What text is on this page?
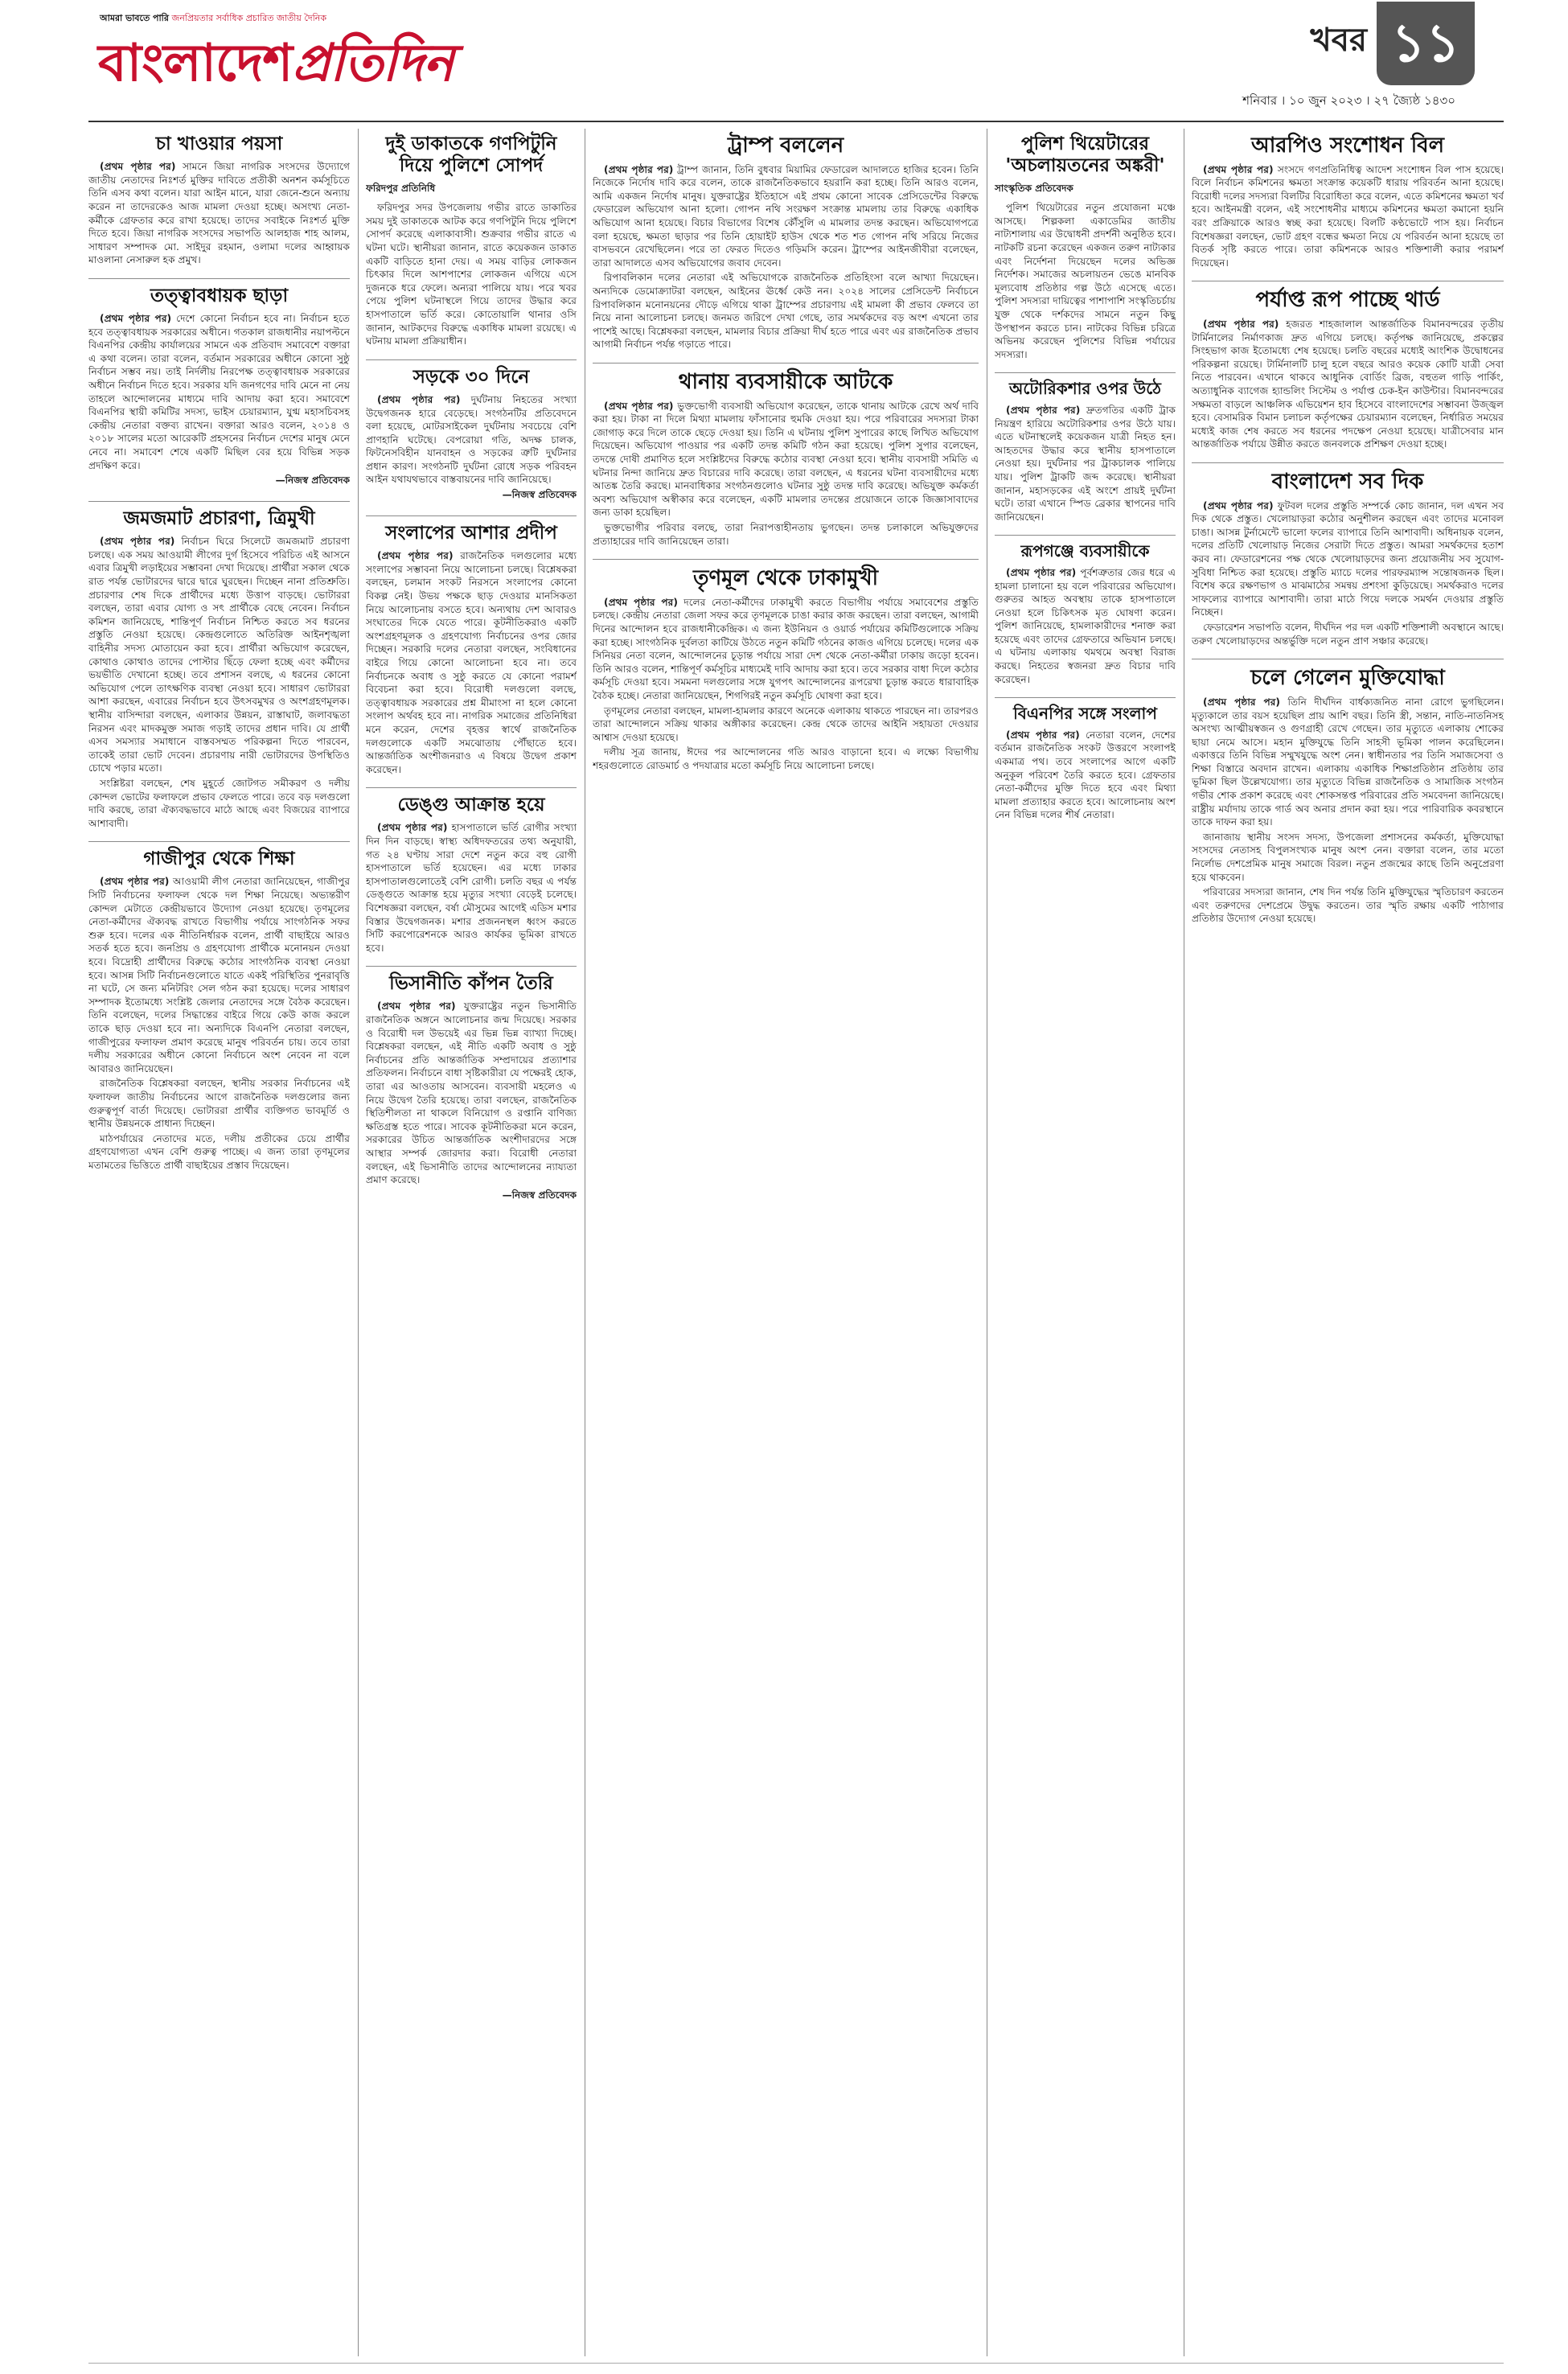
আমরা ভাবতে পারি জনপ্রিয়তার সর্বাধিক প্রচারিত জাতীয় দৈনিক
বাংলাদেশপ্রতিদিন	খবর ১১
শনিবার । ১০ জুন ২০২৩ । ২৭ জ্যৈষ্ঠ ১৪৩০
চা খাওয়ার পয়সা

(প্রথম পৃষ্ঠার পর) সামনে জিয়া নাগরিক সংসদের উদ্যোগে জাতীয় নেতাদের নিঃশর্ত মুক্তির দাবিতে প্রতীকী অনশন কর্মসূচিতে তিনি এসব কথা বলেন। যারা আইন মানে, যারা জেনে-শুনে অন্যায় করেন না তাদেরকেও আজ মামলা দেওয়া হচ্ছে। অসংখ্য নেতা-কর্মীকে গ্রেফতার করে রাখা হয়েছে। তাদের সবাইকে নিঃশর্ত মুক্তি দিতে হবে। জিয়া নাগরিক সংসদের সভাপতি আলহাজ শাহ আলম, সাধারণ সম্পাদক মো. সাইদুর রহমান, ওলামা দলের আহ্বায়ক মাওলানা নেসারুল হক প্রমুখ।

তত্ত্বাবধায়ক ছাড়া

(প্রথম পৃষ্ঠার পর) দেশে কোনো নির্বাচন হবে না। নির্বাচন হতে হবে তত্ত্বাবধায়ক সরকারের অধীনে। গতকাল রাজধানীর নয়াপল্টনে বিএনপির কেন্দ্রীয় কার্যালয়ের সামনে এক প্রতিবাদ সমাবেশে বক্তারা এ কথা বলেন। তারা বলেন, বর্তমান সরকারের অধীনে কোনো সুষ্ঠু নির্বাচন সম্ভব নয়। তাই নির্দলীয় নিরপেক্ষ তত্ত্বাবধায়ক সরকারের অধীনে নির্বাচন দিতে হবে। সরকার যদি জনগণের দাবি মেনে না নেয় তাহলে আন্দোলনের মাধ্যমে দাবি আদায় করা হবে। সমাবেশে বিএনপির স্থায়ী কমিটির সদস্য, ভাইস চেয়ারম্যান, যুগ্ম মহাসচিবসহ কেন্দ্রীয় নেতারা বক্তব্য রাখেন। বক্তারা আরও বলেন, ২০১৪ ও ২০১৮ সালের মতো আরেকটি প্রহসনের নির্বাচন দেশের মানুষ মেনে নেবে না। সমাবেশ শেষে একটি মিছিল বের হয়ে বিভিন্ন সড়ক প্রদক্ষিণ করে।

—নিজস্ব প্রতিবেদক
জমজমাট প্রচারণা, ত্রিমুখী

(প্রথম পৃষ্ঠার পর) নির্বাচন ঘিরে সিলেটে জমজমাট প্রচারণা চলছে। এক সময় আওয়ামী লীগের দুর্গ হিসেবে পরিচিত এই আসনে এবার ত্রিমুখী লড়াইয়ের সম্ভাবনা দেখা দিয়েছে। প্রার্থীরা সকাল থেকে রাত পর্যন্ত ভোটারদের দ্বারে দ্বারে ঘুরছেন। দিচ্ছেন নানা প্রতিশ্রুতি। প্রচারণার শেষ দিকে প্রার্থীদের মধ্যে উত্তাপ বাড়ছে। ভোটাররা বলছেন, তারা এবার যোগ্য ও সৎ প্রার্থীকে বেছে নেবেন। নির্বাচন কমিশন জানিয়েছে, শান্তিপূর্ণ নির্বাচন নিশ্চিত করতে সব ধরনের প্রস্তুতি নেওয়া হয়েছে। কেন্দ্রগুলোতে অতিরিক্ত আইনশৃঙ্খলা বাহিনীর সদস্য মোতায়েন করা হবে। প্রার্থীরা অভিযোগ করেছেন, কোথাও কোথাও তাদের পোস্টার ছিঁড়ে ফেলা হচ্ছে এবং কর্মীদের ভয়ভীতি দেখানো হচ্ছে। তবে প্রশাসন বলছে, এ ধরনের কোনো অভিযোগ পেলে তাৎক্ষণিক ব্যবস্থা নেওয়া হবে। সাধারণ ভোটাররা আশা করছেন, এবারের নির্বাচন হবে উৎসবমুখর ও অংশগ্রহণমূলক। স্থানীয় বাসিন্দারা বলছেন, এলাকার উন্নয়ন, রাস্তাঘাট, জলাবদ্ধতা নিরসন এবং মাদকমুক্ত সমাজ গড়াই তাদের প্রধান দাবি। যে প্রার্থী এসব সমস্যার সমাধানে বাস্তবসম্মত পরিকল্পনা দিতে পারবেন, তাকেই তারা ভোট দেবেন। প্রচারণায় নারী ভোটারদের উপস্থিতিও চোখে পড়ার মতো।

সংশ্লিষ্টরা বলছেন, শেষ মুহূর্তে জোটগত সমীকরণ ও দলীয় কোন্দল ভোটের ফলাফলে প্রভাব ফেলতে পারে। তবে বড় দলগুলো দাবি করছে, তারা ঐক্যবদ্ধভাবে মাঠে আছে এবং বিজয়ের ব্যাপারে আশাবাদী।

গাজীপুর থেকে শিক্ষা

(প্রথম পৃষ্ঠার পর) আওয়ামী লীগ নেতারা জানিয়েছেন, গাজীপুর সিটি নির্বাচনের ফলাফল থেকে দল শিক্ষা নিয়েছে। অভ্যন্তরীণ কোন্দল মেটাতে কেন্দ্রীয়ভাবে উদ্যোগ নেওয়া হয়েছে। তৃণমূলের নেতা-কর্মীদের ঐক্যবদ্ধ রাখতে বিভাগীয় পর্যায়ে সাংগঠনিক সফর শুরু হবে। দলের এক নীতিনির্ধারক বলেন, প্রার্থী বাছাইয়ে আরও সতর্ক হতে হবে। জনপ্রিয় ও গ্রহণযোগ্য প্রার্থীকে মনোনয়ন দেওয়া হবে। বিদ্রোহী প্রার্থীদের বিরুদ্ধে কঠোর সাংগঠনিক ব্যবস্থা নেওয়া হবে। আসন্ন সিটি নির্বাচনগুলোতে যাতে একই পরিস্থিতির পুনরাবৃত্তি না ঘটে, সে জন্য মনিটরিং সেল গঠন করা হয়েছে। দলের সাধারণ সম্পাদক ইতোমধ্যে সংশ্লিষ্ট জেলার নেতাদের সঙ্গে বৈঠক করেছেন। তিনি বলেছেন, দলের সিদ্ধান্তের বাইরে গিয়ে কেউ কাজ করলে তাকে ছাড় দেওয়া হবে না। অন্যদিকে বিএনপি নেতারা বলছেন, গাজীপুরের ফলাফল প্রমাণ করেছে মানুষ পরিবর্তন চায়। তবে তারা দলীয় সরকারের অধীনে কোনো নির্বাচনে অংশ নেবেন না বলে আবারও জানিয়েছেন।

রাজনৈতিক বিশ্লেষকরা বলছেন, স্থানীয় সরকার নির্বাচনের এই ফলাফল জাতীয় নির্বাচনের আগে রাজনৈতিক দলগুলোর জন্য গুরুত্বপূর্ণ বার্তা দিয়েছে। ভোটাররা প্রার্থীর ব্যক্তিগত ভাবমূর্তি ও স্থানীয় উন্নয়নকে প্রাধান্য দিচ্ছেন।

মাঠপর্যায়ের নেতাদের মতে, দলীয় প্রতীকের চেয়ে প্রার্থীর গ্রহণযোগ্যতা এখন বেশি গুরুত্ব পাচ্ছে। এ জন্য তারা তৃণমূলের মতামতের ভিত্তিতে প্রার্থী বাছাইয়ের প্রস্তাব দিয়েছেন।

দুই ডাকাতকে গণপিটুনি দিয়ে পুলিশে সোপর্দ
ফরিদপুর প্রতিনিধি

ফরিদপুর সদর উপজেলায় গভীর রাতে ডাকাতির সময় দুই ডাকাতকে আটক করে গণপিটুনি দিয়ে পুলিশে সোপর্দ করেছে এলাকাবাসী। শুক্রবার গভীর রাতে এ ঘটনা ঘটে। স্থানীয়রা জানান, রাতে কয়েকজন ডাকাত একটি বাড়িতে হানা দেয়। এ সময় বাড়ির লোকজন চিৎকার দিলে আশপাশের লোকজন এগিয়ে এসে দুজনকে ধরে ফেলে। অন্যরা পালিয়ে যায়। পরে খবর পেয়ে পুলিশ ঘটনাস্থলে গিয়ে তাদের উদ্ধার করে হাসপাতালে ভর্তি করে। কোতোয়ালি থানার ওসি জানান, আটকদের বিরুদ্ধে একাধিক মামলা রয়েছে। এ ঘটনায় মামলা প্রক্রিয়াধীন।

সড়কে ৩০ দিনে

(প্রথম পৃষ্ঠার পর) দুর্ঘটনায় নিহতের সংখ্যা উদ্বেগজনক হারে বেড়েছে। সংগঠনটির প্রতিবেদনে বলা হয়েছে, মোটরসাইকেল দুর্ঘটনায় সবচেয়ে বেশি প্রাণহানি ঘটেছে। বেপরোয়া গতি, অদক্ষ চালক, ফিটনেসবিহীন যানবাহন ও সড়কের ত্রুটি দুর্ঘটনার প্রধান কারণ। সংগঠনটি দুর্ঘটনা রোধে সড়ক পরিবহন আইন যথাযথভাবে বাস্তবায়নের দাবি জানিয়েছে।

—নিজস্ব প্রতিবেদক
সংলাপের আশার প্রদীপ

(প্রথম পৃষ্ঠার পর) রাজনৈতিক দলগুলোর মধ্যে সংলাপের সম্ভাবনা নিয়ে আলোচনা চলছে। বিশ্লেষকরা বলছেন, চলমান সংকট নিরসনে সংলাপের কোনো বিকল্প নেই। উভয় পক্ষকে ছাড় দেওয়ার মানসিকতা নিয়ে আলোচনায় বসতে হবে। অন্যথায় দেশ আবারও সংঘাতের দিকে যেতে পারে। কূটনীতিকরাও একটি অংশগ্রহণমূলক ও গ্রহণযোগ্য নির্বাচনের ওপর জোর দিচ্ছেন। সরকারি দলের নেতারা বলছেন, সংবিধানের বাইরে গিয়ে কোনো আলোচনা হবে না। তবে নির্বাচনকে অবাধ ও সুষ্ঠু করতে যে কোনো পরামর্শ বিবেচনা করা হবে। বিরোধী দলগুলো বলছে, তত্ত্বাবধায়ক সরকারের প্রশ্ন মীমাংসা না হলে কোনো সংলাপ অর্থবহ হবে না। নাগরিক সমাজের প্রতিনিধিরা মনে করেন, দেশের বৃহত্তর স্বার্থে রাজনৈতিক দলগুলোকে একটি সমঝোতায় পৌঁছাতে হবে। আন্তর্জাতিক অংশীজনরাও এ বিষয়ে উদ্বেগ প্রকাশ করেছেন।

ডেঙ্গু আক্রান্ত হয়ে

(প্রথম পৃষ্ঠার পর) হাসপাতালে ভর্তি রোগীর সংখ্যা দিন দিন বাড়ছে। স্বাস্থ্য অধিদফতরের তথ্য অনুযায়ী, গত ২৪ ঘণ্টায় সারা দেশে নতুন করে বহু রোগী হাসপাতালে ভর্তি হয়েছেন। এর মধ্যে ঢাকার হাসপাতালগুলোতেই বেশি রোগী। চলতি বছর এ পর্যন্ত ডেঙ্গুতে আক্রান্ত হয়ে মৃত্যুর সংখ্যা বেড়েই চলেছে। বিশেষজ্ঞরা বলছেন, বর্ষা মৌসুমের আগেই এডিস মশার বিস্তার উদ্বেগজনক। মশার প্রজননস্থল ধ্বংস করতে সিটি করপোরেশনকে আরও কার্যকর ভূমিকা রাখতে হবে।

ভিসানীতি কাঁপন তৈরি

(প্রথম পৃষ্ঠার পর) যুক্তরাষ্ট্রের নতুন ভিসানীতি রাজনৈতিক অঙ্গনে আলোচনার জন্ম দিয়েছে। সরকার ও বিরোধী দল উভয়েই এর ভিন্ন ভিন্ন ব্যাখ্যা দিচ্ছে। বিশ্লেষকরা বলছেন, এই নীতি একটি অবাধ ও সুষ্ঠু নির্বাচনের প্রতি আন্তর্জাতিক সম্প্রদায়ের প্রত্যাশার প্রতিফলন। নির্বাচনে বাধা সৃষ্টিকারীরা যে পক্ষেরই হোক, তারা এর আওতায় আসবেন। ব্যবসায়ী মহলেও এ নিয়ে উদ্বেগ তৈরি হয়েছে। তারা বলছেন, রাজনৈতিক স্থিতিশীলতা না থাকলে বিনিয়োগ ও রপ্তানি বাণিজ্য ক্ষতিগ্রস্ত হতে পারে। সাবেক কূটনীতিকরা মনে করেন, সরকারের উচিত আন্তর্জাতিক অংশীদারদের সঙ্গে আস্থার সম্পর্ক জোরদার করা। বিরোধী নেতারা বলছেন, এই ভিসানীতি তাদের আন্দোলনের ন্যায্যতা প্রমাণ করেছে।

—নিজস্ব প্রতিবেদক
ট্রাম্প বললেন

(প্রথম পৃষ্ঠার পর) ট্রাম্প জানান, তিনি বুধবার মিয়ামির ফেডারেল আদালতে হাজির হবেন। তিনি নিজেকে নির্দোষ দাবি করে বলেন, তাকে রাজনৈতিকভাবে হয়রানি করা হচ্ছে। তিনি আরও বলেন, আমি একজন নির্দোষ মানুষ। যুক্তরাষ্ট্রের ইতিহাসে এই প্রথম কোনো সাবেক প্রেসিডেন্টের বিরুদ্ধে ফেডারেল অভিযোগ আনা হলো। গোপন নথি সংরক্ষণ সংক্রান্ত মামলায় তার বিরুদ্ধে একাধিক অভিযোগ আনা হয়েছে। বিচার বিভাগের বিশেষ কৌঁসুলি এ মামলার তদন্ত করছেন। অভিযোগপত্রে বলা হয়েছে, ক্ষমতা ছাড়ার পর তিনি হোয়াইট হাউস থেকে শত শত গোপন নথি সরিয়ে নিজের বাসভবনে রেখেছিলেন। পরে তা ফেরত দিতেও গড়িমসি করেন। ট্রাম্পের আইনজীবীরা বলেছেন, তারা আদালতে এসব অভিযোগের জবাব দেবেন।

রিপাবলিকান দলের নেতারা এই অভিযোগকে রাজনৈতিক প্রতিহিংসা বলে আখ্যা দিয়েছেন। অন্যদিকে ডেমোক্র্যাটরা বলছেন, আইনের ঊর্ধ্বে কেউ নন। ২০২৪ সালের প্রেসিডেন্ট নির্বাচনে রিপাবলিকান মনোনয়নের দৌড়ে এগিয়ে থাকা ট্রাম্পের প্রচারণায় এই মামলা কী প্রভাব ফেলবে তা নিয়ে নানা আলোচনা চলছে। জনমত জরিপে দেখা গেছে, তার সমর্থকদের বড় অংশ এখনো তার পাশেই আছে। বিশ্লেষকরা বলছেন, মামলার বিচার প্রক্রিয়া দীর্ঘ হতে পারে এবং এর রাজনৈতিক প্রভাব আগামী নির্বাচন পর্যন্ত গড়াতে পারে।

থানায় ব্যবসায়ীকে আটকে

(প্রথম পৃষ্ঠার পর) ভুক্তভোগী ব্যবসায়ী অভিযোগ করেছেন, তাকে থানায় আটকে রেখে অর্থ দাবি করা হয়। টাকা না দিলে মিথ্যা মামলায় ফাঁসানোর হুমকি দেওয়া হয়। পরে পরিবারের সদস্যরা টাকা জোগাড় করে দিলে তাকে ছেড়ে দেওয়া হয়। তিনি এ ঘটনায় পুলিশ সুপারের কাছে লিখিত অভিযোগ দিয়েছেন। অভিযোগ পাওয়ার পর একটি তদন্ত কমিটি গঠন করা হয়েছে। পুলিশ সুপার বলেছেন, তদন্তে দোষী প্রমাণিত হলে সংশ্লিষ্টদের বিরুদ্ধে কঠোর ব্যবস্থা নেওয়া হবে। স্থানীয় ব্যবসায়ী সমিতি এ ঘটনার নিন্দা জানিয়ে দ্রুত বিচারের দাবি করেছে। তারা বলছেন, এ ধরনের ঘটনা ব্যবসায়ীদের মধ্যে আতঙ্ক তৈরি করছে। মানবাধিকার সংগঠনগুলোও ঘটনার সুষ্ঠু তদন্ত দাবি করেছে। অভিযুক্ত কর্মকর্তা অবশ্য অভিযোগ অস্বীকার করে বলেছেন, একটি মামলার তদন্তের প্রয়োজনে তাকে জিজ্ঞাসাবাদের জন্য ডাকা হয়েছিল।

ভুক্তভোগীর পরিবার বলছে, তারা নিরাপত্তাহীনতায় ভুগছেন। তদন্ত চলাকালে অভিযুক্তদের প্রত্যাহারের দাবি জানিয়েছেন তারা।

তৃণমূল থেকে ঢাকামুখী

(প্রথম পৃষ্ঠার পর) দলের নেতা-কর্মীদের ঢাকামুখী করতে বিভাগীয় পর্যায়ে সমাবেশের প্রস্তুতি চলছে। কেন্দ্রীয় নেতারা জেলা সফর করে তৃণমূলকে চাঙা করার কাজ করছেন। তারা বলছেন, আগামী দিনের আন্দোলন হবে রাজধানীকেন্দ্রিক। এ জন্য ইউনিয়ন ও ওয়ার্ড পর্যায়ের কমিটিগুলোকে সক্রিয় করা হচ্ছে। সাংগঠনিক দুর্বলতা কাটিয়ে উঠতে নতুন কমিটি গঠনের কাজও এগিয়ে চলেছে। দলের এক সিনিয়র নেতা বলেন, আন্দোলনের চূড়ান্ত পর্যায়ে সারা দেশ থেকে নেতা-কর্মীরা ঢাকায় জড়ো হবেন। তিনি আরও বলেন, শান্তিপূর্ণ কর্মসূচির মাধ্যমেই দাবি আদায় করা হবে। তবে সরকার বাধা দিলে কঠোর কর্মসূচি দেওয়া হবে। সমমনা দলগুলোর সঙ্গে যুগপৎ আন্দোলনের রূপরেখা চূড়ান্ত করতে ধারাবাহিক বৈঠক হচ্ছে। নেতারা জানিয়েছেন, শিগগিরই নতুন কর্মসূচি ঘোষণা করা হবে।

তৃণমূলের নেতারা বলছেন, মামলা-হামলার কারণে অনেকে এলাকায় থাকতে পারছেন না। তারপরও তারা আন্দোলনে সক্রিয় থাকার অঙ্গীকার করেছেন। কেন্দ্র থেকে তাদের আইনি সহায়তা দেওয়ার আশ্বাস দেওয়া হয়েছে।

দলীয় সূত্র জানায়, ঈদের পর আন্দোলনের গতি আরও বাড়ানো হবে। এ লক্ষ্যে বিভাগীয় শহরগুলোতে রোডমার্চ ও পদযাত্রার মতো কর্মসূচি নিয়ে আলোচনা চলছে।

পুলিশ থিয়েটারের 'অচলায়তনের অঙ্করী'
সাংস্কৃতিক প্রতিবেদক

পুলিশ থিয়েটারের নতুন প্রযোজনা মঞ্চে আসছে। শিল্পকলা একাডেমির জাতীয় নাট্যশালায় এর উদ্বোধনী প্রদর্শনী অনুষ্ঠিত হবে। নাটকটি রচনা করেছেন একজন তরুণ নাট্যকার এবং নির্দেশনা দিয়েছেন দলের অভিজ্ঞ নির্দেশক। সমাজের অচলায়তন ভেঙে মানবিক মূল্যবোধ প্রতিষ্ঠার গল্প উঠে এসেছে এতে। পুলিশ সদস্যরা দায়িত্বের পাশাপাশি সংস্কৃতিচর্চায় যুক্ত থেকে দর্শকদের সামনে নতুন কিছু উপস্থাপন করতে চান। নাটকের বিভিন্ন চরিত্রে অভিনয় করেছেন পুলিশের বিভিন্ন পর্যায়ের সদস্যরা।

অটোরিকশার ওপর উঠে

(প্রথম পৃষ্ঠার পর) দ্রুতগতির একটি ট্রাক নিয়ন্ত্রণ হারিয়ে অটোরিকশার ওপর উঠে যায়। এতে ঘটনাস্থলেই কয়েকজন যাত্রী নিহত হন। আহতদের উদ্ধার করে স্থানীয় হাসপাতালে নেওয়া হয়। দুর্ঘটনার পর ট্রাকচালক পালিয়ে যায়। পুলিশ ট্রাকটি জব্দ করেছে। স্থানীয়রা জানান, মহাসড়কের এই অংশে প্রায়ই দুর্ঘটনা ঘটে। তারা এখানে স্পিড ব্রেকার স্থাপনের দাবি জানিয়েছেন।

রূপগঞ্জে ব্যবসায়ীকে

(প্রথম পৃষ্ঠার পর) পূর্বশত্রুতার জের ধরে এ হামলা চালানো হয় বলে পরিবারের অভিযোগ। গুরুতর আহত অবস্থায় তাকে হাসপাতালে নেওয়া হলে চিকিৎসক মৃত ঘোষণা করেন। পুলিশ জানিয়েছে, হামলাকারীদের শনাক্ত করা হয়েছে এবং তাদের গ্রেফতারে অভিযান চলছে। এ ঘটনায় এলাকায় থমথমে অবস্থা বিরাজ করছে। নিহতের স্বজনরা দ্রুত বিচার দাবি করেছেন।

বিএনপির সঙ্গে সংলাপ

(প্রথম পৃষ্ঠার পর) নেতারা বলেন, দেশের বর্তমান রাজনৈতিক সংকট উত্তরণে সংলাপই একমাত্র পথ। তবে সংলাপের আগে একটি অনুকূল পরিবেশ তৈরি করতে হবে। গ্রেফতার নেতা-কর্মীদের মুক্তি দিতে হবে এবং মিথ্যা মামলা প্রত্যাহার করতে হবে। আলোচনায় অংশ নেন বিভিন্ন দলের শীর্ষ নেতারা।

আরপিও সংশোধন বিল

(প্রথম পৃষ্ঠার পর) সংসদে গণপ্রতিনিধিত্ব আদেশ সংশোধন বিল পাস হয়েছে। বিলে নির্বাচন কমিশনের ক্ষমতা সংক্রান্ত কয়েকটি ধারায় পরিবর্তন আনা হয়েছে। বিরোধী দলের সদস্যরা বিলটির বিরোধিতা করে বলেন, এতে কমিশনের ক্ষমতা খর্ব হবে। আইনমন্ত্রী বলেন, এই সংশোধনীর মাধ্যমে কমিশনের ক্ষমতা কমানো হয়নি বরং প্রক্রিয়াকে আরও স্বচ্ছ করা হয়েছে। বিলটি কণ্ঠভোটে পাস হয়। নির্বাচন বিশেষজ্ঞরা বলছেন, ভোট গ্রহণ বন্ধের ক্ষমতা নিয়ে যে পরিবর্তন আনা হয়েছে তা বিতর্ক সৃষ্টি করতে পারে। তারা কমিশনকে আরও শক্তিশালী করার পরামর্শ দিয়েছেন।

পর্যাপ্ত রূপ পাচ্ছে থার্ড

(প্রথম পৃষ্ঠার পর) হজরত শাহজালাল আন্তর্জাতিক বিমানবন্দরের তৃতীয় টার্মিনালের নির্মাণকাজ দ্রুত এগিয়ে চলছে। কর্তৃপক্ষ জানিয়েছে, প্রকল্পের সিংহভাগ কাজ ইতোমধ্যে শেষ হয়েছে। চলতি বছরের মধ্যেই আংশিক উদ্বোধনের পরিকল্পনা রয়েছে। টার্মিনালটি চালু হলে বছরে আরও কয়েক কোটি যাত্রী সেবা নিতে পারবেন। এখানে থাকবে আধুনিক বোর্ডিং ব্রিজ, বহুতল গাড়ি পার্কিং, অত্যাধুনিক ব্যাগেজ হ্যান্ডলিং সিস্টেম ও পর্যাপ্ত চেক-ইন কাউন্টার। বিমানবন্দরের সক্ষমতা বাড়লে আঞ্চলিক এভিয়েশন হাব হিসেবে বাংলাদেশের সম্ভাবনা উজ্জ্বল হবে। বেসামরিক বিমান চলাচল কর্তৃপক্ষের চেয়ারম্যান বলেছেন, নির্ধারিত সময়ের মধ্যেই কাজ শেষ করতে সব ধরনের পদক্ষেপ নেওয়া হয়েছে। যাত্রীসেবার মান আন্তর্জাতিক পর্যায়ে উন্নীত করতে জনবলকে প্রশিক্ষণ দেওয়া হচ্ছে।

বাংলাদেশ সব দিক

(প্রথম পৃষ্ঠার পর) ফুটবল দলের প্রস্তুতি সম্পর্কে কোচ জানান, দল এখন সব দিক থেকে প্রস্তুত। খেলোয়াড়রা কঠোর অনুশীলন করছেন এবং তাদের মনোবল চাঙা। আসন্ন টুর্নামেন্টে ভালো ফলের ব্যাপারে তিনি আশাবাদী। অধিনায়ক বলেন, দলের প্রতিটি খেলোয়াড় নিজের সেরাটা দিতে প্রস্তুত। আমরা সমর্থকদের হতাশ করব না। ফেডারেশনের পক্ষ থেকে খেলোয়াড়দের জন্য প্রয়োজনীয় সব সুযোগ-সুবিধা নিশ্চিত করা হয়েছে। প্রস্তুতি ম্যাচে দলের পারফরম্যান্স সন্তোষজনক ছিল। বিশেষ করে রক্ষণভাগ ও মাঝমাঠের সমন্বয় প্রশংসা কুড়িয়েছে। সমর্থকরাও দলের সাফল্যের ব্যাপারে আশাবাদী। তারা মাঠে গিয়ে দলকে সমর্থন দেওয়ার প্রস্তুতি নিচ্ছেন।

ফেডারেশন সভাপতি বলেন, দীর্ঘদিন পর দল একটি শক্তিশালী অবস্থানে আছে। তরুণ খেলোয়াড়দের অন্তর্ভুক্তি দলে নতুন প্রাণ সঞ্চার করেছে।

চলে গেলেন মুক্তিযোদ্ধা

(প্রথম পৃষ্ঠার পর) তিনি দীর্ঘদিন বার্ধক্যজনিত নানা রোগে ভুগছিলেন। মৃত্যুকালে তার বয়স হয়েছিল প্রায় আশি বছর। তিনি স্ত্রী, সন্তান, নাতি-নাতনিসহ অসংখ্য আত্মীয়স্বজন ও গুণগ্রাহী রেখে গেছেন। তার মৃত্যুতে এলাকায় শোকের ছায়া নেমে আসে। মহান মুক্তিযুদ্ধে তিনি সাহসী ভূমিকা পালন করেছিলেন। একাত্তরে তিনি বিভিন্ন সম্মুখযুদ্ধে অংশ নেন। স্বাধীনতার পর তিনি সমাজসেবা ও শিক্ষা বিস্তারে অবদান রাখেন। এলাকায় একাধিক শিক্ষাপ্রতিষ্ঠান প্রতিষ্ঠায় তার ভূমিকা ছিল উল্লেখযোগ্য। তার মৃত্যুতে বিভিন্ন রাজনৈতিক ও সামাজিক সংগঠন গভীর শোক প্রকাশ করেছে এবং শোকসন্তপ্ত পরিবারের প্রতি সমবেদনা জানিয়েছে। রাষ্ট্রীয় মর্যাদায় তাকে গার্ড অব অনার প্রদান করা হয়। পরে পারিবারিক কবরস্থানে তাকে দাফন করা হয়।

জানাজায় স্থানীয় সংসদ সদস্য, উপজেলা প্রশাসনের কর্মকর্তা, মুক্তিযোদ্ধা সংসদের নেতাসহ বিপুলসংখ্যক মানুষ অংশ নেন। বক্তারা বলেন, তার মতো নির্লোভ দেশপ্রেমিক মানুষ সমাজে বিরল। নতুন প্রজন্মের কাছে তিনি অনুপ্রেরণা হয়ে থাকবেন।

পরিবারের সদস্যরা জানান, শেষ দিন পর্যন্ত তিনি মুক্তিযুদ্ধের স্মৃতিচারণ করতেন এবং তরুণদের দেশপ্রেমে উদ্বুদ্ধ করতেন। তার স্মৃতি রক্ষায় একটি পাঠাগার প্রতিষ্ঠার উদ্যোগ নেওয়া হয়েছে।
